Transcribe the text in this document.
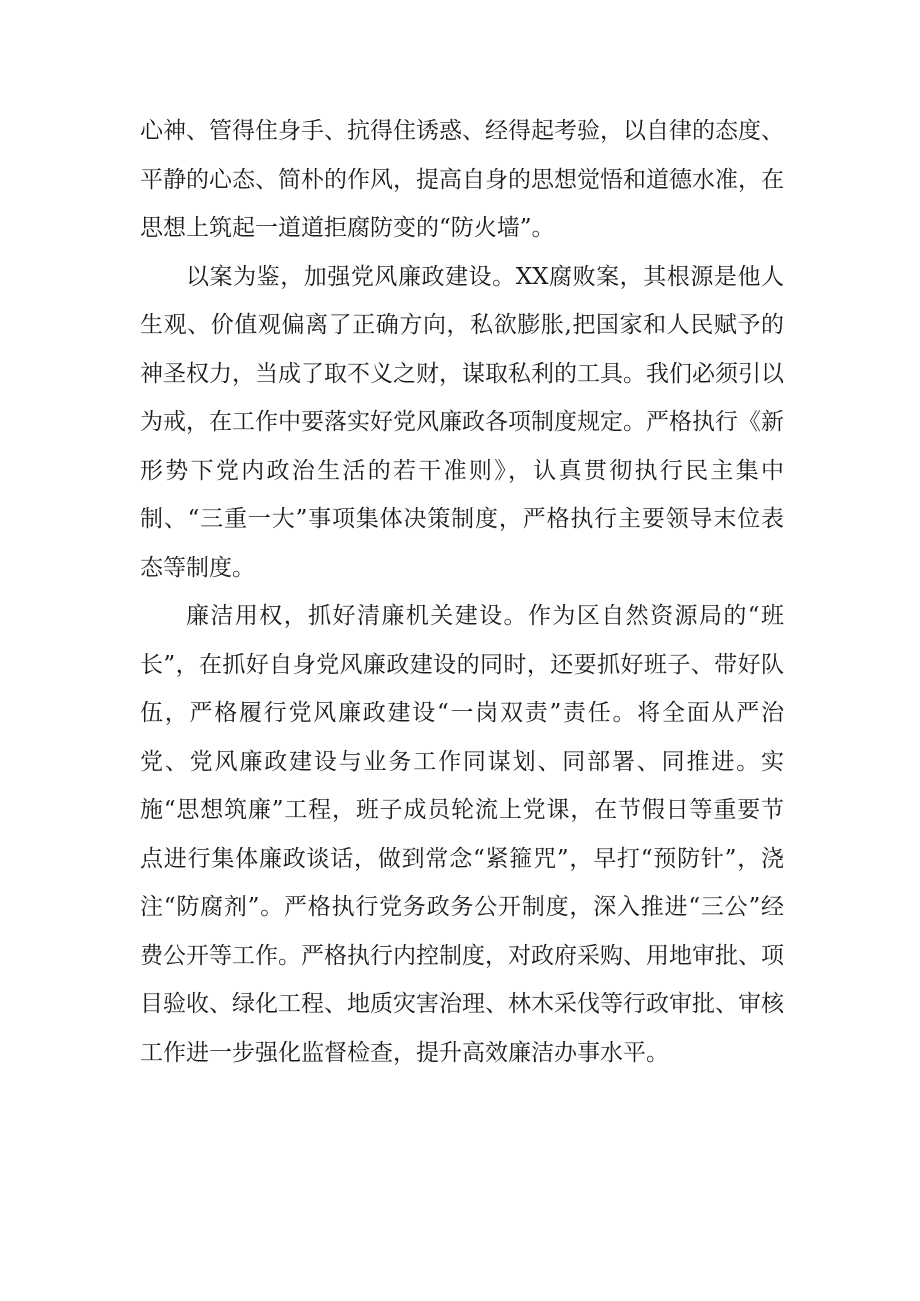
心神、管得住身手、抗得住诱惑、经得起考验，以自律的态度、平静的心态、简朴的作风，提高自身的思想觉悟和道德水准，在思想上筑起一道道拒腐防变的“防火墙”。

以案为鉴，加强党风廉政建设。XX腐败案，其根源是他人生观、价值观偏离了正确方向，私欲膨胀,把国家和人民赋予的神圣权力，当成了取不义之财，谋取私利的工具。我们必须引以为戒，在工作中要落实好党风廉政各项制度规定。严格执行《新形势下党内政治生活的若干准则》，认真贯彻执行民主集中制、“三重一大”事项集体决策制度，严格执行主要领导末位表态等制度。

廉洁用权，抓好清廉机关建设。作为区自然资源局的“班长”，在抓好自身党风廉政建设的同时，还要抓好班子、带好队伍，严格履行党风廉政建设“一岗双责”责任。将全面从严治党、党风廉政建设与业务工作同谋划、同部署、同推进。实施“思想筑廉”工程，班子成员轮流上党课，在节假日等重要节点进行集体廉政谈话，做到常念“紧箍咒”，早打“预防针”，浇注“防腐剂”。严格执行党务政务公开制度，深入推进“三公”经费公开等工作。严格执行内控制度，对政府采购、用地审批、项目验收、绿化工程、地质灾害治理、林木采伐等行政审批、审核工作进一步强化监督检查，提升高效廉洁办事水平。
